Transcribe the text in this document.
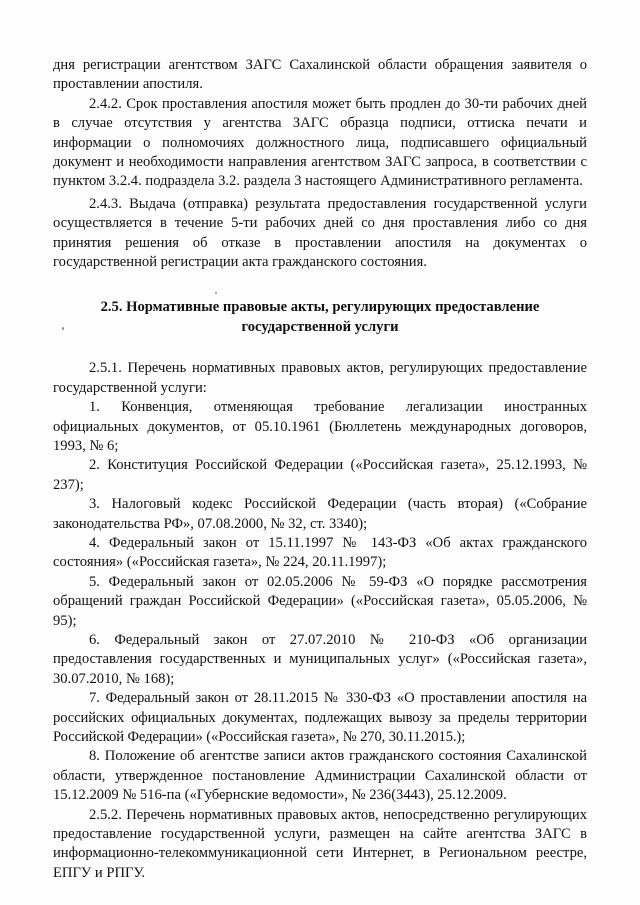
дня регистрации агентством ЗАГС Сахалинской области обращения заявителя о проставлении апостиля.

2.4.2. Срок проставления апостиля может быть продлен до 30-ти рабочих дней в случае отсутствия у агентства ЗАГС образца подписи, оттиска печати и информации о полномочиях должностного лица, подписавшего официальный документ и необходимости направления агентством ЗАГС запроса, в соответствии с пунктом 3.2.4. подраздела 3.2. раздела 3 настоящего Административного регламента.

2.4.3. Выдача (отправка) результата предоставления государственной услуги осуществляется в течение 5-ти рабочих дней со дня проставления либо со дня принятия решения об отказе в проставлении апостиля на документах о государственной регистрации акта гражданского состояния.

2.5. Нормативные правовые акты, регулирующих предоставление государственной услуги

2.5.1. Перечень нормативных правовых актов, регулирующих предоставление государственной услуги:

1. Конвенция, отменяющая требование легализации иностранных официальных документов, от 05.10.1961 (Бюллетень международных договоров, 1993, № 6;

2. Конституция Российской Федерации («Российская газета», 25.12.1993, № 237);

3. Налоговый кодекс Российской Федерации (часть вторая) («Собрание законодательства РФ», 07.08.2000, № 32, ст. 3340);

4. Федеральный закон от 15.11.1997 № 143-ФЗ «Об актах гражданского состояния» («Российская газета», № 224, 20.11.1997);

5. Федеральный закон от 02.05.2006 № 59-ФЗ «О порядке рассмотрения обращений граждан Российской Федерации» («Российская газета», 05.05.2006, № 95);

6. Федеральный закон от 27.07.2010 № 210-ФЗ «Об организации предоставления государственных и муниципальных услуг» («Российская газета», 30.07.2010, № 168);

7. Федеральный закон от 28.11.2015 № 330-ФЗ «О проставлении апостиля на российских официальных документах, подлежащих вывозу за пределы территории Российской Федерации» («Российская газета», № 270, 30.11.2015.);

8. Положение об агентстве записи актов гражданского состояния Сахалинской области, утвержденное постановление Администрации Сахалинской области от 15.12.2009 № 516-па («Губернские ведомости», № 236(3443), 25.12.2009.

2.5.2. Перечень нормативных правовых актов, непосредственно регулирующих предоставление государственной услуги, размещен на сайте агентства ЗАГС в информационно-телекоммуникационной сети Интернет, в Региональном реестре, ЕПГУ и РПГУ.
